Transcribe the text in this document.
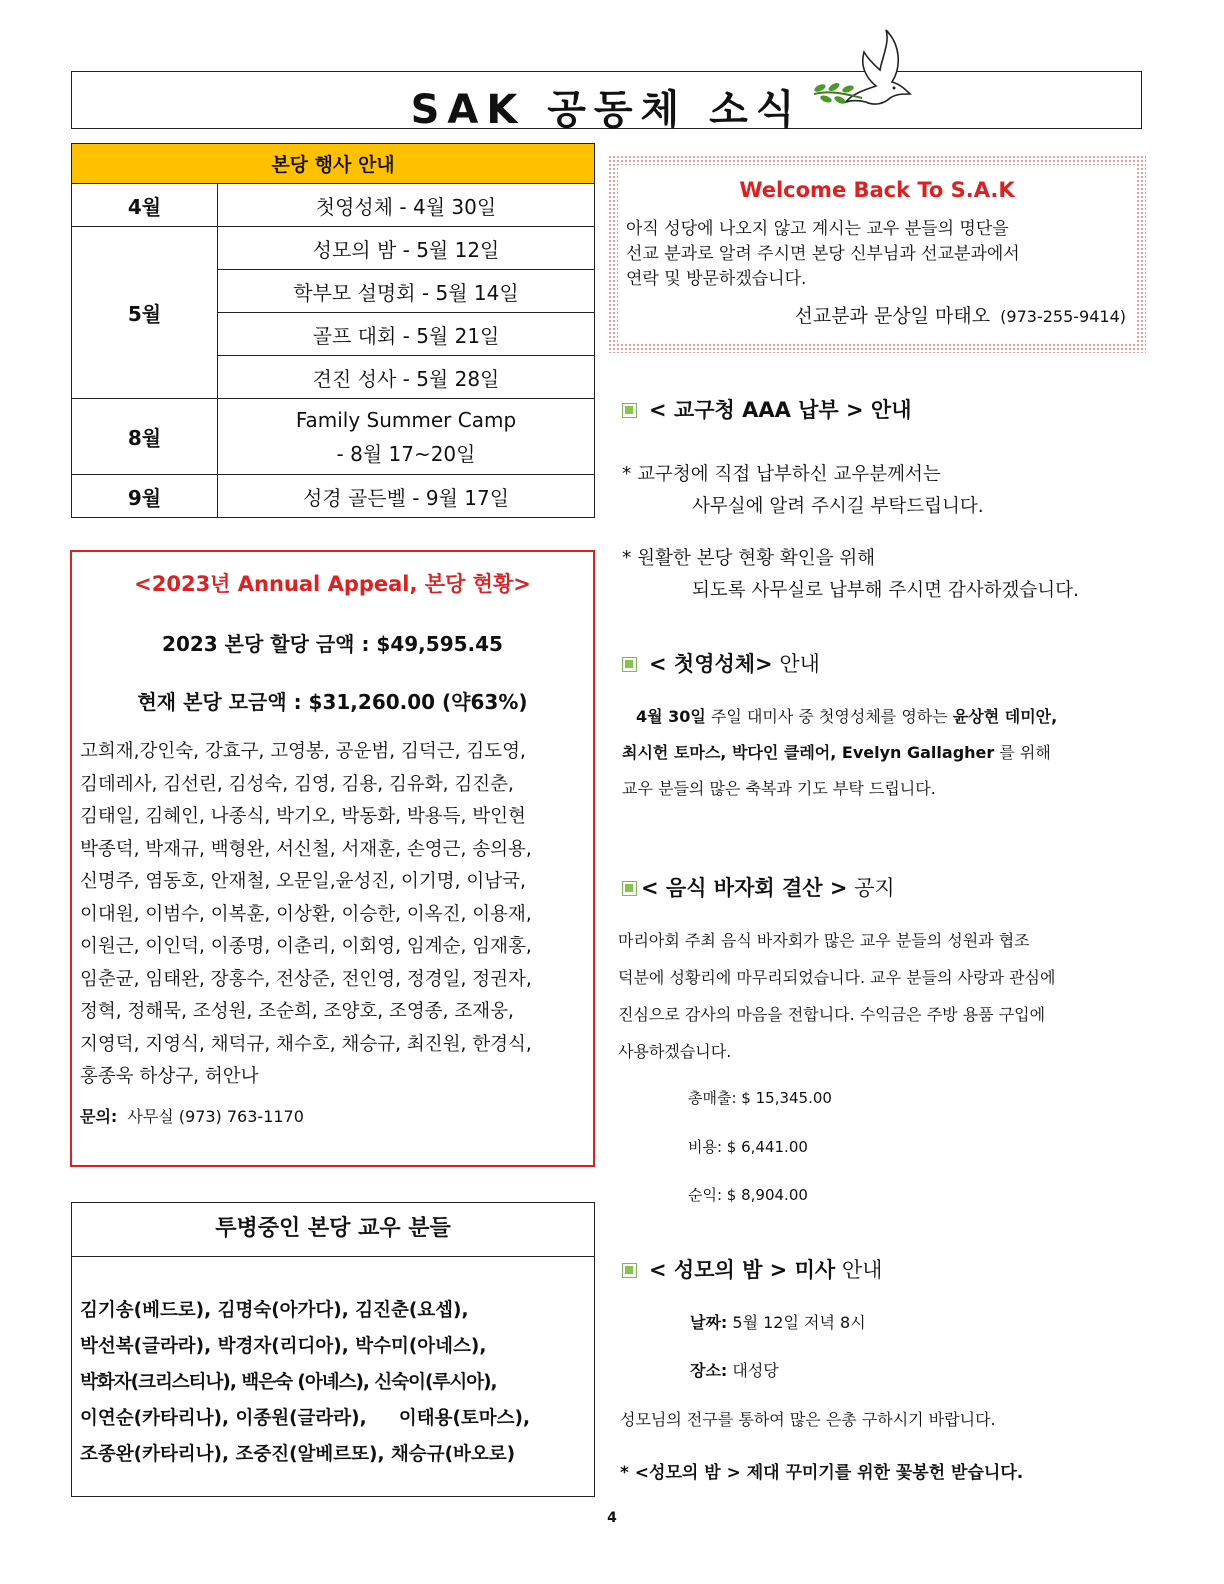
SAK 공동체 소식
본당 행사 안내	
4월	첫영성체 - 4월 30일
5월	성모의 밤 - 5월 12일
	학부모 설명회 - 5월 14일
	골프 대회 - 5월 21일
	견진 성사 - 5월 28일
8월	Family Summer Camp
- 8월 17~20일

9월	성경 골든벨 - 9월 17일
<2023년 Annual Appeal, 본당 현황>
2023 본당 할당 금액 : $49,595.45
현재 본당 모금액 : $31,260.00 (약63%)
고희재,강인숙, 강효구, 고영봉, 공운범, 김덕근, 김도영,
김데레사, 김선린, 김성숙, 김영, 김용, 김유화, 김진춘,
김태일, 김혜인, 나종식, 박기오, 박동화, 박용득, 박인현
박종덕, 박재규, 백형완, 서신철, 서재훈, 손영근, 송의용,
신명주, 염동호, 안재철, 오문일,윤성진, 이기명, 이남국,
이대원, 이범수, 이복훈, 이상환, 이승한, 이옥진, 이용재,
이원근, 이인덕, 이종명, 이춘리, 이회영, 임계순, 임재홍,
임춘균, 임태완, 장홍수, 전상준, 전인영, 정경일, 정권자,
정혁, 정해묵, 조성원, 조순희, 조양호, 조영종, 조재웅,
지영덕, 지영식, 채덕규, 채수호, 채승규, 최진원, 한경식,
홍종욱 하상구, 허안나
문의: 사무실 (973) 763-1170
투병중인 본당 교우 분들
김기송(베드로), 김명숙(아가다), 김진춘(요셉),
박선복(글라라), 박경자(리디아), 박수미(아네스),
박화자(크리스티나), 백은숙 (아녜스), 신숙이(루시아),
이연순(카타리나), 이종원(글라라),     이태용(토마스),
조종완(카타리나), 조중진(알베르또), 채승규(바오로)
Welcome Back To S.A.K
아직 성당에 나오지 않고 계시는 교우 분들의 명단을
선교 분과로 알려 주시면 본당 신부님과 선교분과에서
연락 및 방문하겠습니다.
선교분과 문상일 마태오 (973-255-9414)
< 교구청 AAA 납부 > 안내
* 교구청에 직접 납부하신 교우분께서는
사무실에 알려 주시길 부탁드립니다.
* 원활한 본당 현황 확인을 위해
되도록 사무실로 납부해 주시면 감사하겠습니다.
< 첫영성체> 안내
4월 30일 주일 대미사 중 첫영성체를 영하는 윤상현 데미안,
최시헌 토마스, 박다인 클레어, Evelyn Gallagher 를 위해
교우 분들의 많은 축복과 기도 부탁 드립니다.
< 음식 바자회 결산 > 공지
마리아회 주최 음식 바자회가 많은 교우 분들의 성원과 협조
덕분에 성황리에 마무리되었습니다. 교우 분들의 사랑과 관심에
진심으로 감사의 마음을 전합니다. 수익금은 주방 용품 구입에
사용하겠습니다.
총매출: $ 15,345.00
비용: $ 6,441.00
순익: $ 8,904.00
< 성모의 밤 > 미사 안내
날짜: 5월 12일 저녁 8시
장소: 대성당
성모님의 전구를 통하여 많은 은총 구하시기 바랍니다.
* <성모의 밤 > 제대 꾸미기를 위한 꽃봉헌 받습니다.
4
